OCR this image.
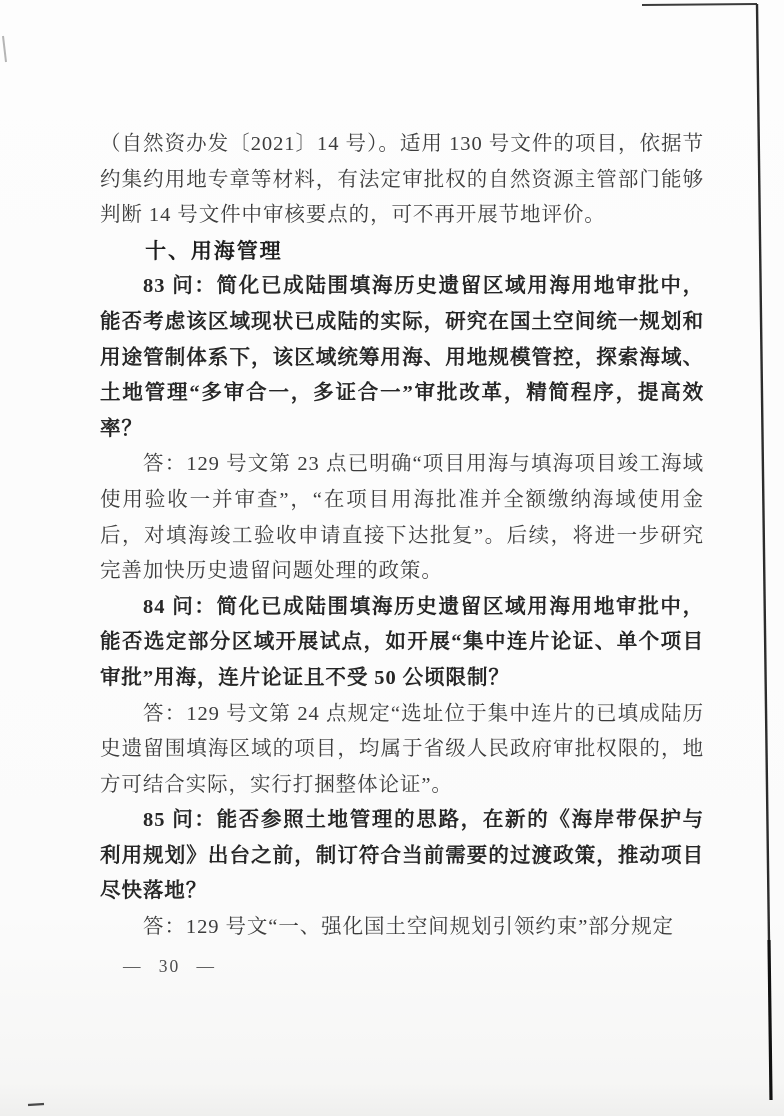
（自然资办发〔2021〕14 号）。适用 130 号文件的项目，依据节约集约用地专章等材料，有法定审批权的自然资源主管部门能够判断 14 号文件中审核要点的，可不再开展节地评价。

十、用海管理

83 问：简化已成陆围填海历史遗留区域用海用地审批中，能否考虑该区域现状已成陆的实际，研究在国土空间统一规划和用途管制体系下，该区域统筹用海、用地规模管控，探索海域、土地管理“多审合一，多证合一”审批改革，精简程序，提高效率？

答：129 号文第 23 点已明确“项目用海与填海项目竣工海域使用验收一并审查”，“在项目用海批准并全额缴纳海域使用金后，对填海竣工验收申请直接下达批复”。后续，将进一步研究完善加快历史遗留问题处理的政策。

84 问：简化已成陆围填海历史遗留区域用海用地审批中，能否选定部分区域开展试点，如开展“集中连片论证、单个项目审批”用海，连片论证且不受 50 公顷限制？

答：129 号文第 24 点规定“选址位于集中连片的已填成陆历史遗留围填海区域的项目，均属于省级人民政府审批权限的，地方可结合实际，实行打捆整体论证”。

85 问：能否参照土地管理的思路，在新的《海岸带保护与利用规划》出台之前，制订符合当前需要的过渡政策，推动项目尽快落地？

答：129 号文“一、强化国土空间规划引领约束”部分规定

— 30 —
